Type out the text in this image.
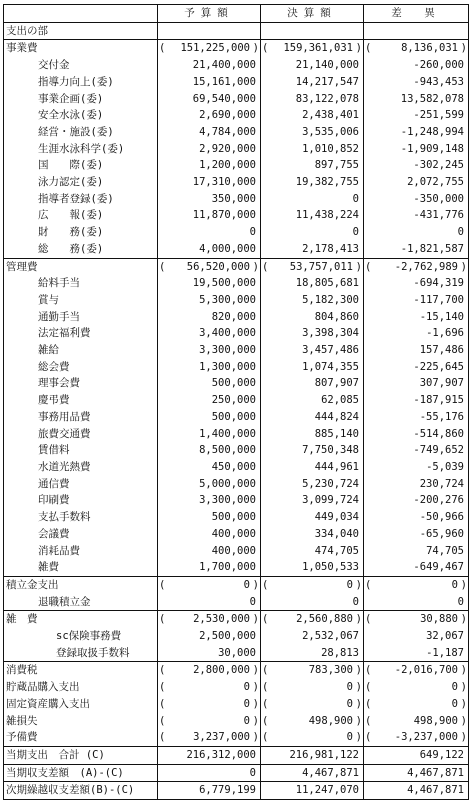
	予算額	決算額	差　異
支出の部			
事業費	( 151,225,000 )	( 159,361,031 )	( 8,136,031 )
交付金	21,400,000	21,140,000	-260,000
指導力向上(委)	15,161,000	14,217,547	-943,453
事業企画(委)	69,540,000	83,122,078	13,582,078
安全水泳(委)	2,690,000	2,438,401	-251,599
経営・施設(委)	4,784,000	3,535,006	-1,248,994
生涯水泳科学(委)	2,920,000	1,010,852	-1,909,148
国　　際(委)	1,200,000	897,755	-302,245
泳力認定(委)	17,310,000	19,382,755	2,072,755
指導者登録(委)	350,000	0	-350,000
広　　報(委)	11,870,000	11,438,224	-431,776
財　　務(委)	0	0	0
総　　務(委)	4,000,000	2,178,413	-1,821,587
管理費	( 56,520,000 )	( 53,757,011 )	( -2,762,989 )
給料手当	19,500,000	18,805,681	-694,319
賞与	5,300,000	5,182,300	-117,700
通勤手当	820,000	804,860	-15,140
法定福利費	3,400,000	3,398,304	-1,696
雑給	3,300,000	3,457,486	157,486
総会費	1,300,000	1,074,355	-225,645
理事会費	500,000	807,907	307,907
慶弔費	250,000	62,085	-187,915
事務用品費	500,000	444,824	-55,176
旅費交通費	1,400,000	885,140	-514,860
賃借料	8,500,000	7,750,348	-749,652
水道光熱費	450,000	444,961	-5,039
通信費	5,000,000	5,230,724	230,724
印刷費	3,300,000	3,099,724	-200,276
支払手数料	500,000	449,034	-50,966
会議費	400,000	334,040	-65,960
消耗品費	400,000	474,705	74,705
雑費	1,700,000	1,050,533	-649,467
積立金支出	( 0 )	( 0 )	( 0 )
退職積立金	0	0	0
雑　費	( 2,530,000 )	( 2,560,880 )	( 30,880 )
sc保険事務費	2,500,000	2,532,067	32,067
登録取扱手数料	30,000	28,813	-1,187
消費税	( 2,800,000 )	( 783,300 )	( -2,016,700 )
貯蔵品購入支出	( 0 )	( 0 )	( 0 )
固定資産購入支出	( 0 )	( 0 )	( 0 )
雑損失	( 0 )	( 498,900 )	( 498,900 )
予備費	( 3,237,000 )	( 0 )	( -3,237,000 )
当期支出　合計 (C)	216,312,000	216,981,122	649,122
当期収支差額　(A)-(C)	0	4,467,871	4,467,871
次期繰越収支差額(B)-(C)	6,779,199	11,247,070	4,467,871
